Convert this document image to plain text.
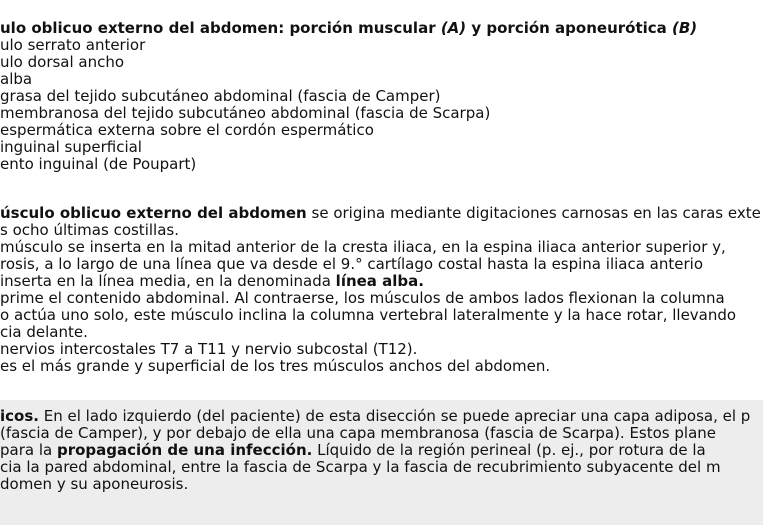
ulo oblicuo externo del abdomen: porción muscular (A) y porción aponeurótica (B)
ulo serrato anterior
ulo dorsal ancho
alba
grasa del tejido subcutáneo abdominal (fascia de Camper)
membranosa del tejido subcutáneo abdominal (fascia de Scarpa)
espermática externa sobre el cordón espermático
inguinal superficial
ento inguinal (de Poupart)
úsculo oblicuo externo del abdomen se origina mediante digitaciones carnosas en las caras exte
s ocho últimas costillas.
músculo se inserta en la mitad anterior de la cresta iliaca, en la espina iliaca anterior superior y,
rosis, a lo largo de una línea que va desde el 9.° cartílago costal hasta la espina iliaca anterio
inserta en la línea media, en la denominada línea alba.
prime el contenido abdominal. Al contraerse, los músculos de ambos lados flexionan la columna
o actúa uno solo, este músculo inclina la columna vertebral lateralmente y la hace rotar, llevando
cia delante.
nervios intercostales T7 a T11 y nervio subcostal (T12).
es el más grande y superficial de los tres músculos anchos del abdomen.
icos. En el lado izquierdo (del paciente) de esta disección se puede apreciar una capa adiposa, el p
(fascia de Camper), y por debajo de ella una capa membranosa (fascia de Scarpa). Estos plane
para la propagación de una infección. Líquido de la región perineal (p. ej., por rotura de la
cia la pared abdominal, entre la fascia de Scarpa y la fascia de recubrimiento subyacente del m
domen y su aponeurosis.
